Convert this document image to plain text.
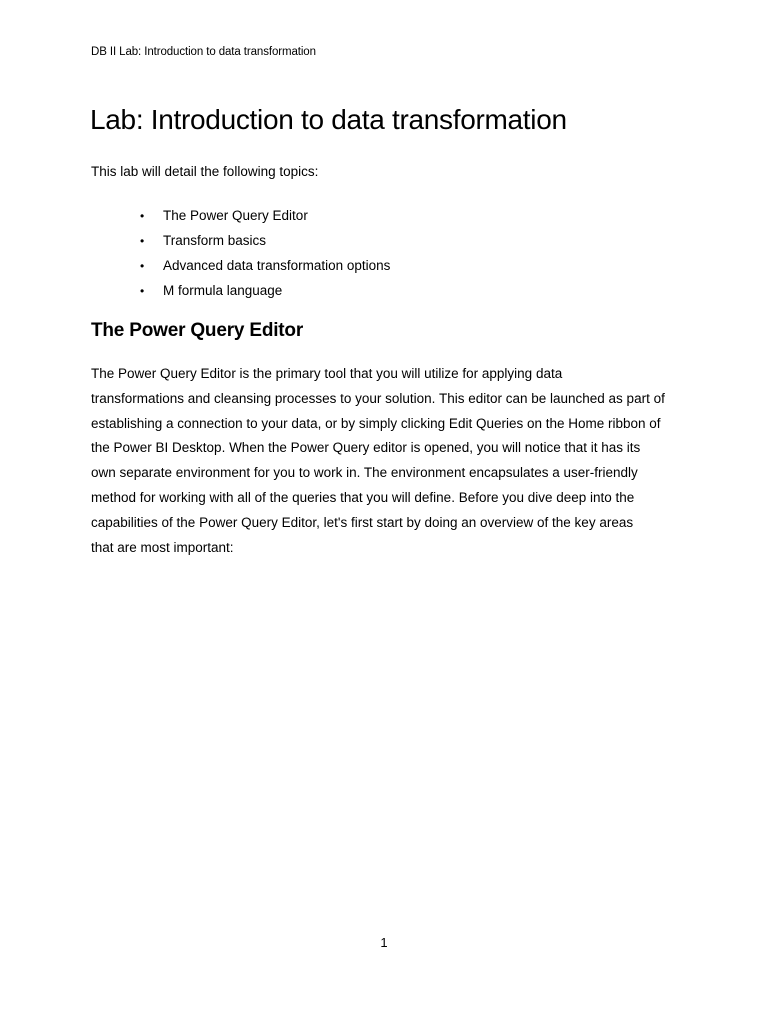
DB II Lab: Introduction to data transformation
Lab: Introduction to data transformation
This lab will detail the following topics:
•	The Power Query Editor
•	Transform basics
•	Advanced data transformation options
•	M formula language
The Power Query Editor

The Power Query Editor is the primary tool that you will utilize for applying data
transformations and cleansing processes to your solution. This editor can be launched as part of
establishing a connection to your data, or by simply clicking Edit Queries on the Home ribbon of
the Power BI Desktop. When the Power Query editor is opened, you will notice that it has its
own separate environment for you to work in. The environment encapsulates a user-friendly
method for working with all of the queries that you will define. Before you dive deep into the
capabilities of the Power Query Editor, let's first start by doing an overview of the key areas
that are most important:

1
